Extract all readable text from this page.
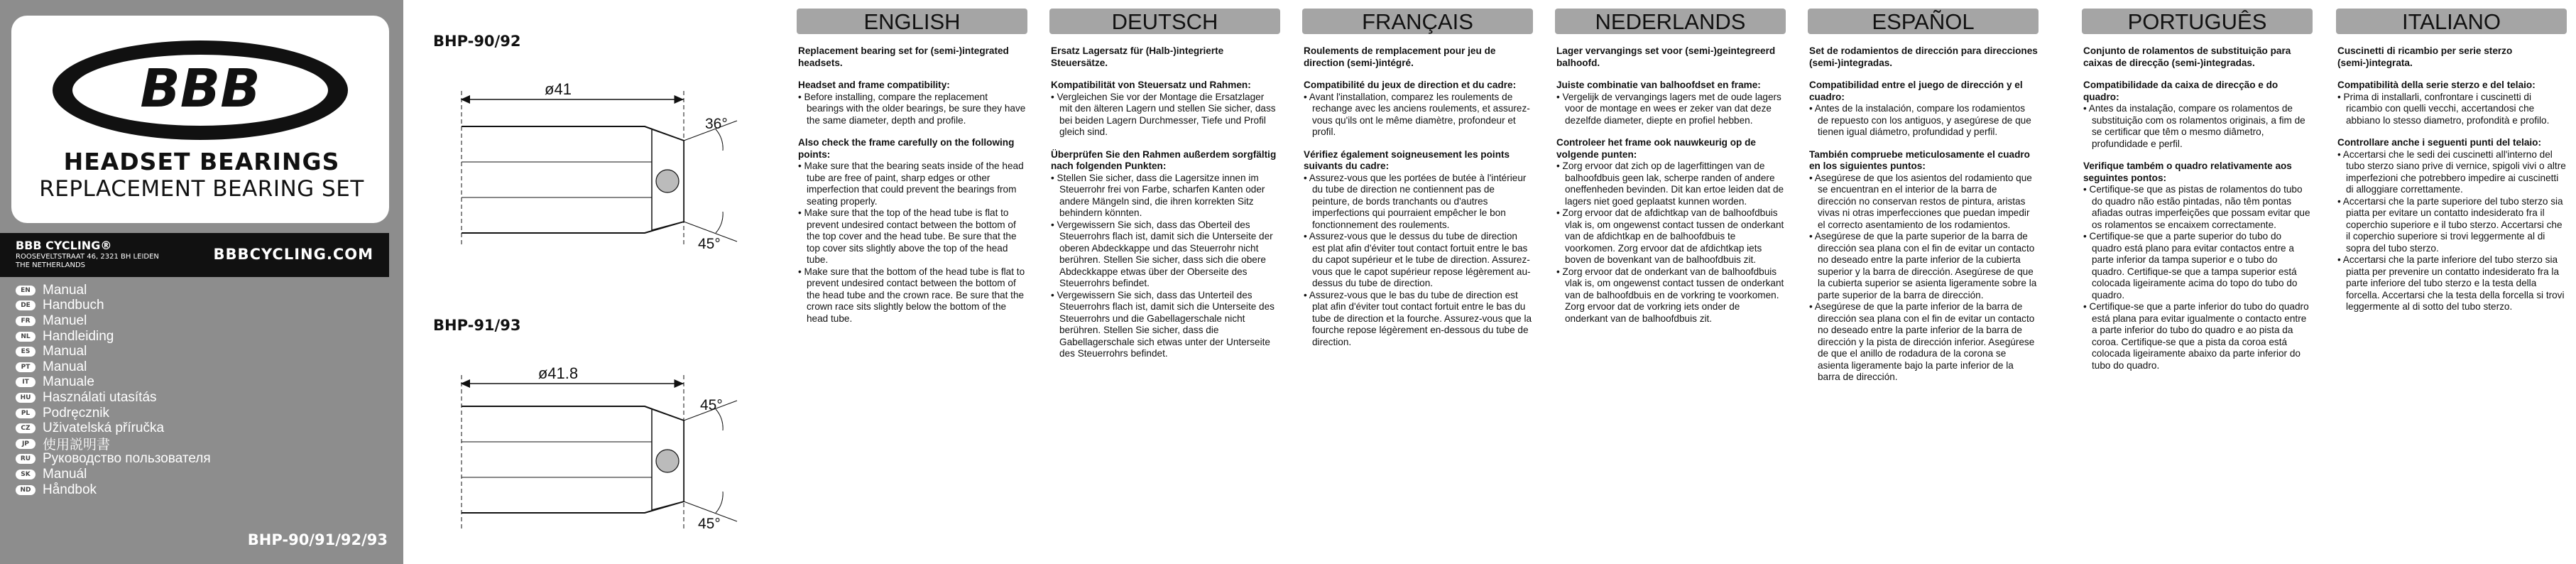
BBB
HEADSET BEARINGS
REPLACEMENT BEARING SET
BBB CYCLING®
ROOSEVELTSTRAAT 46, 2321 BH LEIDEN
THE NETHERLANDS
BBBCYCLING.COM
EN Manual
DE Handbuch
FR Manuel
NL Handleiding
ES Manual
PT Manual
IT	Manuale
HU Használati utasítás
PL Podręcznik
CZ Uživatelská příručka
JP	使用説明書
RU Руководство пользователя
SK Manuál
ND Håndbok
BHP-90/91/92/93
BHP-90/92
BHP-91/93
ø41
36°
45°
ø41.8
45°
45°
ENGLISH

Replacement bearing set for (semi-)integrated headsets.

Headset and frame compatibility:

• Before installing, compare the replacement bearings with the older bearings, be sure they have the same diameter, depth and profile.

Also check the frame carefully on the following points:

• Make sure that the bearing seats inside of the head tube are free of paint, sharp edges or other imperfection that could prevent the bearings from seating properly.
• Make sure that the top of the head tube is flat to prevent undesired contact between the bottom of the top cover and the head tube. Be sure that the top cover sits slightly above the top of the head tube.
• Make sure that the bottom of the head tube is flat to prevent undesired contact between the bottom of the head tube and the crown race. Be sure that the crown race sits slightly below the bottom of the head tube.
DEUTSCH

Ersatz Lagersatz für (Halb-)integrierte Steuersätze.

Kompatibilität von Steuersatz und Rahmen:

• Vergleichen Sie vor der Montage die Ersatzlager mit den älteren Lagern und stellen Sie sicher, dass bei beiden Lagern Durchmesser, Tiefe und Profil gleich sind.

Überprüfen Sie den Rahmen außerdem sorgfältig nach folgenden Punkten:

• Stellen Sie sicher, dass die Lagersitze innen im Steuerrohr frei von Farbe, scharfen Kanten oder andere Mängeln sind, die ihren korrekten Sitz behindern könnten.
• Vergewissern Sie sich, dass das Oberteil des Steuerrohrs flach ist, damit sich die Unterseite der oberen Abdeckkappe und das Steuerrohr nicht berühren. Stellen Sie sicher, dass sich die obere Abdeckkappe etwas über der Oberseite des Steuerrohrs befindet.
• Vergewissern Sie sich, dass das Unterteil des Steuerrohrs flach ist, damit sich die Unterseite des Steuerrohrs und die Gabellagerschale nicht berühren. Stellen Sie sicher, dass die Gabellagerschale sich etwas unter der Unterseite des Steuerrohrs befindet.
FRANÇAIS

Roulements de remplacement pour jeu de direction (semi-)intégré.

Compatibilité du jeux de direction et du cadre:

• Avant l'installation, comparez les roulements de rechange avec les anciens roulements, et assurez-vous qu'ils ont le même diamètre, profondeur et profil.

Vérifiez également soigneusement les points suivants du cadre:

• Assurez-vous que les portées de butée à l'intérieur du tube de direction ne contiennent pas de peinture, de bords tranchants ou d'autres imperfections qui pourraient empêcher le bon fonctionnement des roulements.
• Assurez-vous que le dessus du tube de direction est plat afin d'éviter tout contact fortuit entre le bas du capot supérieur et le tube de direction. Assurez-vous que le capot supérieur repose légèrement au-dessus du tube de direction.
• Assurez-vous que le bas du tube de direction est plat afin d'éviter tout contact fortuit entre le bas du tube de direction et la fourche. Assurez-vous que la fourche repose légèrement en-dessous du tube de direction.
NEDERLANDS

Lager vervangings set voor (semi-)geintegreerd balhoofd.

Juiste combinatie van balhoofdset en frame:

• Vergelijk de vervangings lagers met de oude lagers voor de montage en wees er zeker van dat deze dezelfde diameter, diepte en profiel hebben.

Controleer het frame ook nauwkeurig op de volgende punten:

• Zorg ervoor dat zich op de lagerfittingen van de balhoofdbuis geen lak, scherpe randen of andere oneffenheden bevinden. Dit kan ertoe leiden dat de lagers niet goed geplaatst kunnen worden.
• Zorg ervoor dat de afdichtkap van de balhoofdbuis vlak is, om ongewenst contact tussen de onderkant van de afdichtkap en de balhoofdbuis te voorkomen. Zorg ervoor dat de afdichtkap iets boven de bovenkant van de balhoofdbuis zit.
• Zorg ervoor dat de onderkant van de balhoofdbuis vlak is, om ongewenst contact tussen de onderkant van de balhoofdbuis en de vorkring te voorkomen. Zorg ervoor dat de vorkring iets onder de onderkant van de balhoofdbuis zit.
ESPAÑOL

Set de rodamientos de dirección para direcciones (semi-)integradas.

Compatibilidad entre el juego de dirección y el cuadro:

• Antes de la instalación, compare los rodamientos de repuesto con los antiguos, y asegúrese de que tienen igual diámetro, profundidad y perfil.

También compruebe meticulosamente el cuadro en los siguientes puntos:

• Asegúrese de que los asientos del rodamiento que se encuentran en el interior de la barra de dirección no conservan restos de pintura, aristas vivas ni otras imperfecciones que puedan impedir el correcto asentamiento de los rodamientos.
• Asegúrese de que la parte superior de la barra de dirección sea plana con el fin de evitar un contacto no deseado entre la parte inferior de la cubierta superior y la barra de dirección. Asegúrese de que la cubierta superior se asienta ligeramente sobre la parte superior de la barra de dirección.
• Asegúrese de que la parte inferior de la barra de dirección sea plana con el fin de evitar un contacto no deseado entre la parte inferior de la barra de dirección y la pista de dirección inferior. Asegúrese de que el anillo de rodadura de la corona se asienta ligeramente bajo la parte inferior de la barra de dirección.
PORTUGUÊS

Conjunto de rolamentos de substituição para caixas de direcção (semi-)integradas.

Compatibilidade da caixa de direcção e do quadro:

• Antes da instalação, compare os rolamentos de substituição com os rolamentos originais, a fim de se certificar que têm o mesmo diâmetro, profundidade e perfil.

Verifique também o quadro relativamente aos seguintes pontos:

• Certifique-se que as pistas de rolamentos do tubo do quadro não estão pintadas, não têm pontas afiadas outras imperfeições que possam evitar que os rolamentos se encaixem correctamente.
• Certifique-se que a parte superior do tubo do quadro está plano para evitar contactos entre a parte inferior da tampa superior e o tubo do quadro. Certifique-se que a tampa superior está colocada ligeiramente acima do topo do tubo do quadro.
• Certifique-se que a parte inferior do tubo do quadro está plana para evitar igualmente o contacto entre a parte inferior do tubo do quadro e ao pista da coroa. Certifique-se que a pista da coroa está colocada ligeiramente abaixo da parte inferior do tubo do quadro.
ITALIANO

Cuscinetti di ricambio per serie sterzo (semi-)integrata.

Compatibilità della serie sterzo e del telaio:

• Prima di installarli, confrontare i cuscinetti di ricambio con quelli vecchi, accertandosi che abbiano lo stesso diametro, profondità e profilo.

Controllare anche i seguenti punti del telaio:

• Accertarsi che le sedi dei cuscinetti all'interno del tubo sterzo siano prive di vernice, spigoli vivi o altre imperfezioni che potrebbero impedire ai cuscinetti di alloggiare correttamente.
• Accertarsi che la parte superiore del tubo sterzo sia piatta per evitare un contatto indesiderato fra il coperchio superiore e il tubo sterzo. Accertarsi che il coperchio superiore si trovi leggermente al di sopra del tubo sterzo.
• Accertarsi che la parte inferiore del tubo sterzo sia piatta per prevenire un contatto indesiderato fra la parte inferiore del tubo sterzo e la testa della forcella. Accertarsi che la testa della forcella si trovi leggermente al di sotto del tubo sterzo.
